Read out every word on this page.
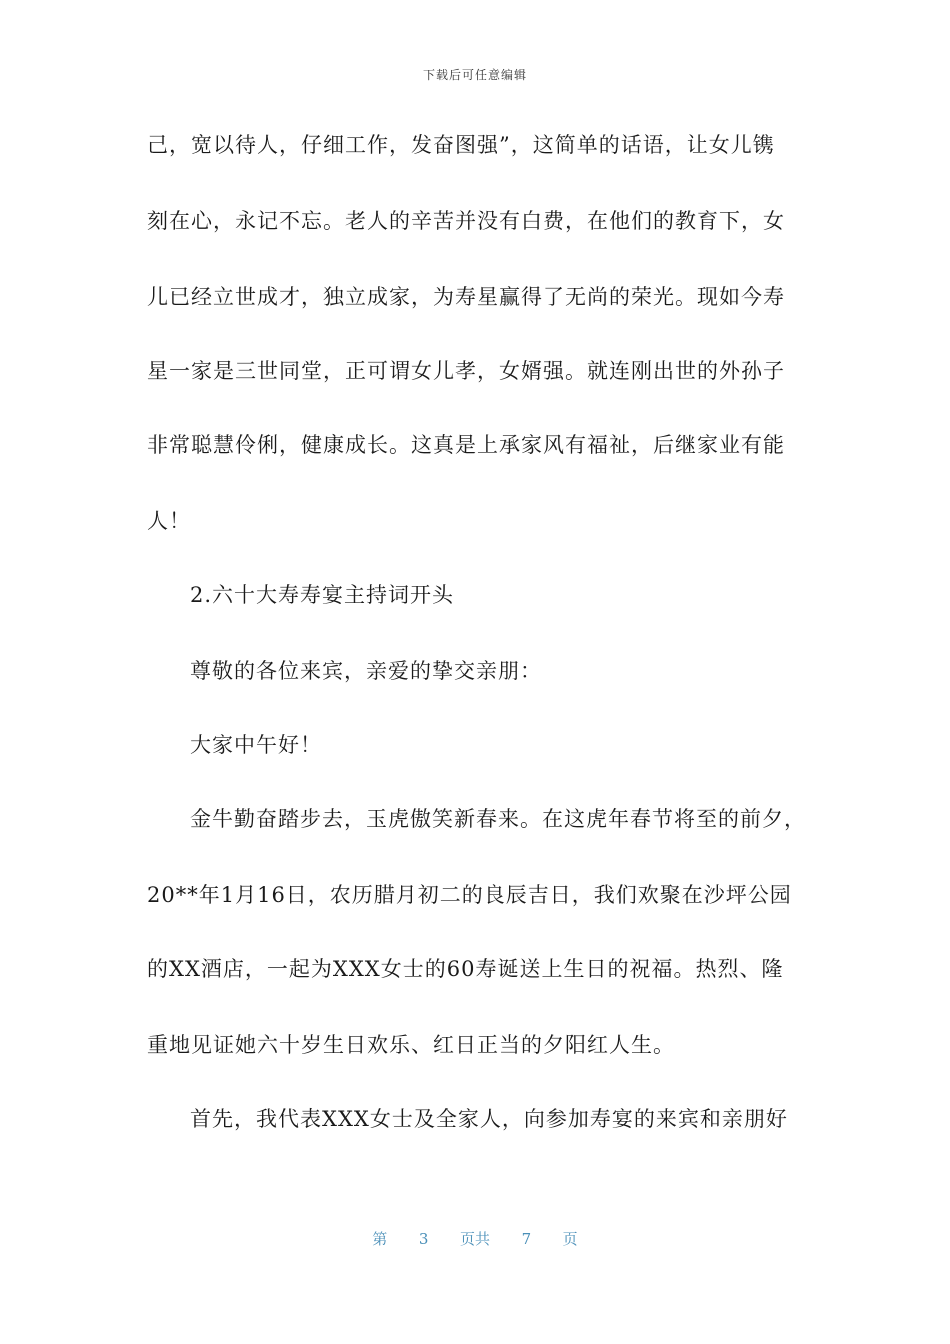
下载后可任意编辑
己，宽以待人，仔细工作，发奋图强”，这简单的话语，让女儿镌
刻在心，永记不忘。老人的辛苦并没有白费，在他们的教育下，女
儿已经立世成才，独立成家，为寿星赢得了无尚的荣光。现如今寿
星一家是三世同堂，正可谓女儿孝，女婿强。就连刚出世的外孙子
非常聪慧伶俐，健康成长。这真是上承家风有福祉，后继家业有能
人！
2.六十大寿寿宴主持词开头
尊敬的各位来宾，亲爱的挚交亲朋：
大家中午好！
金牛勤奋踏步去，玉虎傲笑新春来。在这虎年春节将至的前夕，
20**年1月16日，农历腊月初二的良辰吉日，我们欢聚在沙坪公园
的XX酒店，一起为XXX女士的60寿诞送上生日的祝福。热烈、隆
重地见证她六十岁生日欢乐、红日正当的夕阳红人生。
首先，我代表XXX女士及全家人，向参加寿宴的来宾和亲朋好
第 3 页共 7 页
